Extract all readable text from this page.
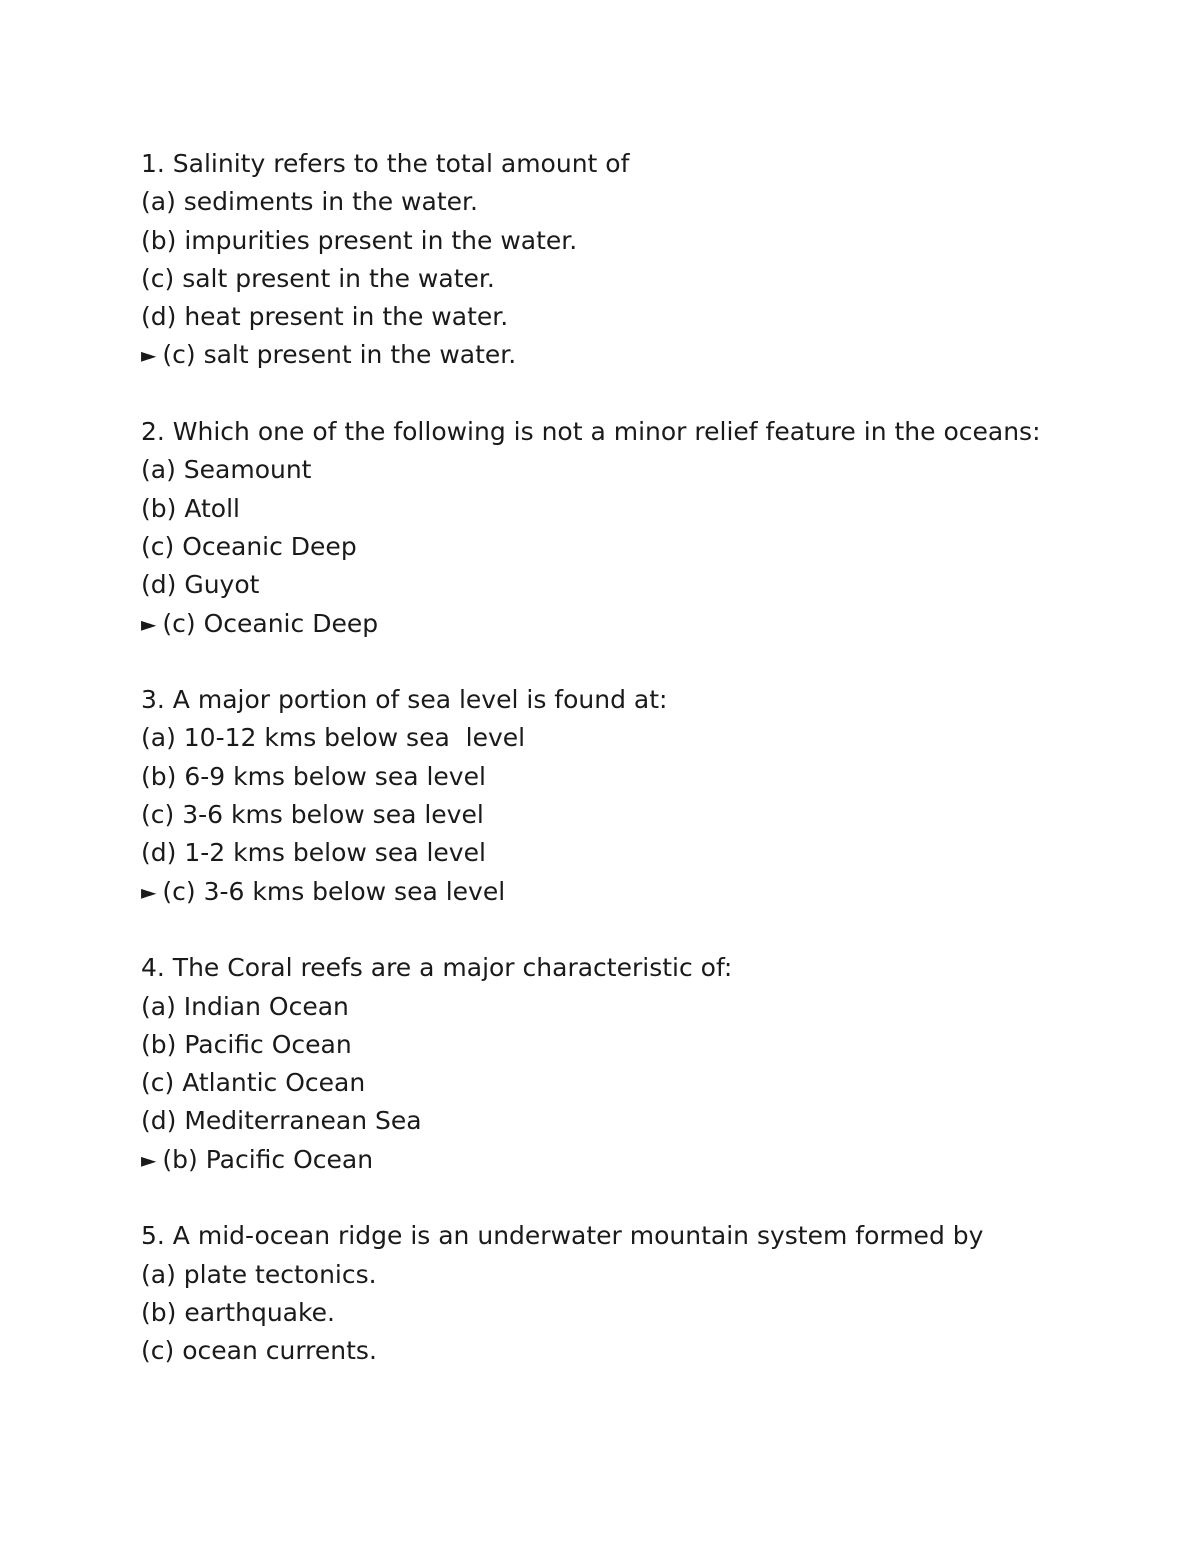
1. Salinity refers to the total amount of
(a) sediments in the water.
(b) impurities present in the water.
(c) salt present in the water.
(d) heat present in the water.
► (c) salt present in the water.
2. Which one of the following is not a minor relief feature in the oceans:
(a) Seamount
(b) Atoll
(c) Oceanic Deep
(d) Guyot
► (c) Oceanic Deep
3. A major portion of sea level is found at:
(a) 10-12 kms below sea  level
(b) 6-9 kms below sea level
(c) 3-6 kms below sea level
(d) 1-2 kms below sea level
► (c) 3-6 kms below sea level
4. The Coral reefs are a major characteristic of:
(a) Indian Ocean
(b) Pacific Ocean
(c) Atlantic Ocean
(d) Mediterranean Sea
► (b) Pacific Ocean
5. A mid-ocean ridge is an underwater mountain system formed by
(a) plate tectonics.
(b) earthquake.
(c) ocean currents.
